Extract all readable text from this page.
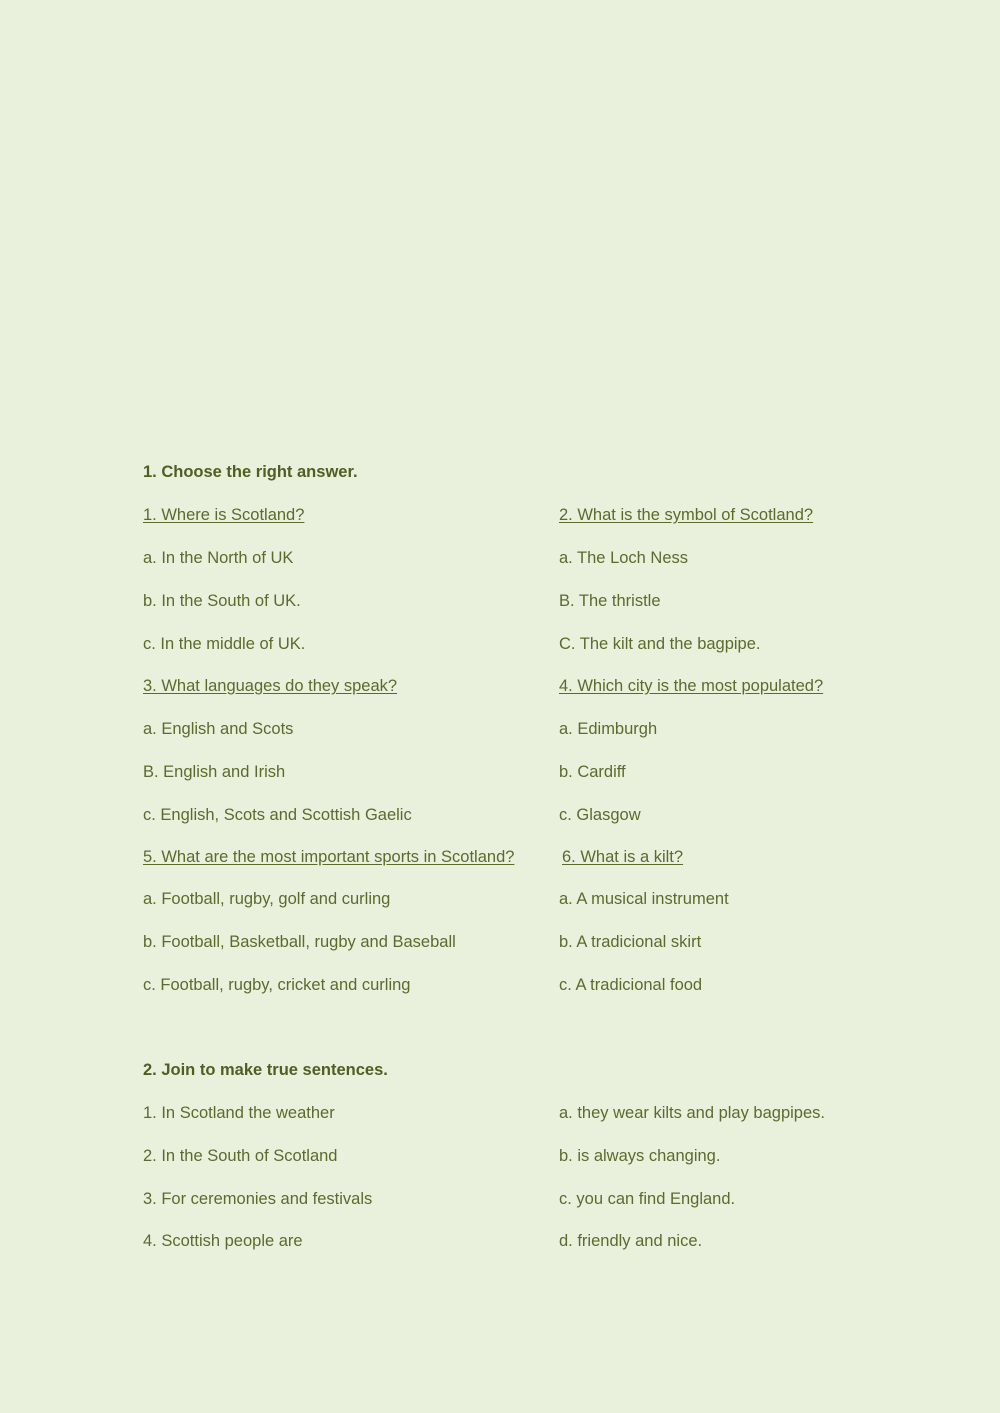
1. Choose the right answer.
1. Where is Scotland?
a. In the North of UK
b. In the South of UK.
c. In the middle of UK.
2. What is the symbol of Scotland?
a. The Loch Ness
B. The thristle
C. The kilt and the bagpipe.
3. What languages do they speak?
a. English and Scots
B. English and Irish
c. English, Scots and Scottish Gaelic
4. Which city is the most populated?
a. Edimburgh
b. Cardiff
c. Glasgow
5. What are the most important sports in Scotland?
a. Football, rugby, golf and curling
b. Football, Basketball, rugby and Baseball
c. Football, rugby, cricket and curling
6. What is a kilt?
a. A musical instrument
b. A tradicional skirt
c. A tradicional food
2. Join to make true sentences.
1. In Scotland the weather
2. In the South of Scotland
3. For ceremonies and festivals
4. Scottish people are
a. they wear kilts and play bagpipes.
b. is always changing.
c. you can find England.
d. friendly and nice.
